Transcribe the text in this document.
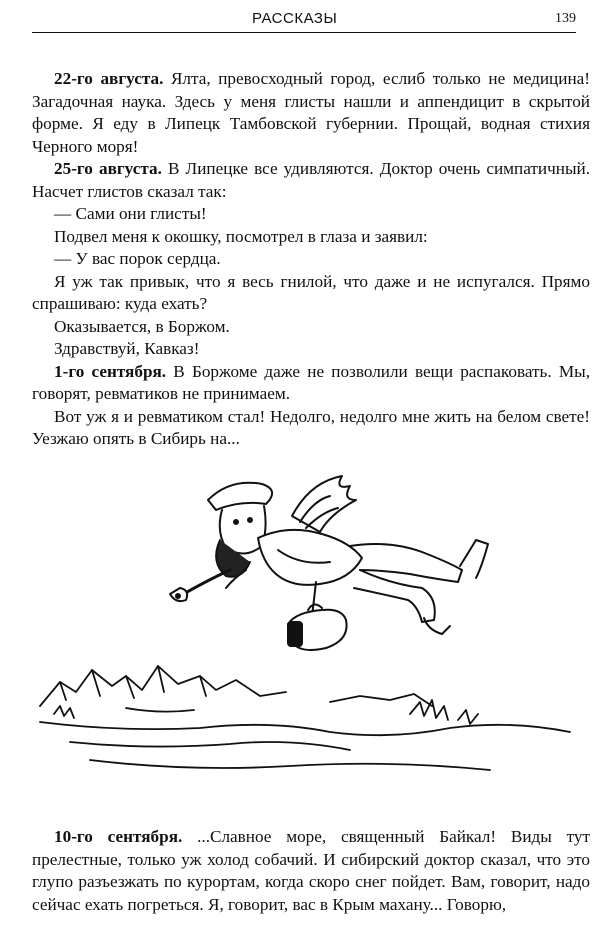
РАССКАЗЫ	139

22-го августа. Ялта, превосходный город, еслиб только не медицина! Загадочная наука. Здесь у меня глисты нашли и аппендицит в скрытой форме. Я еду в Липецк Тамбовской губернии. Прощай, водная стихия Черного моря!

25-го августа. В Липецке все удивляются. Доктор очень симпатичный. Насчет глистов сказал так:

— Сами они глисты!

Подвел меня к окошку, посмотрел в глаза и заявил:

— У вас порок сердца.

Я уж так привык, что я весь гнилой, что даже и не испугался. Прямо спрашиваю: куда ехать?

Оказывается, в Боржом.

Здравствуй, Кавказ!

1-го сентября. В Боржоме даже не позволили вещи распаковать. Мы, говорят, ревматиков не принимаем.

Вот уж я и ревматиком стал! Недолго, недолго мне жить на белом свете! Уезжаю опять в Сибирь на...

10-го сентября. ...Славное море, священный Байкал! Виды тут прелестные, только уж холод собачий. И сибирский доктор сказал, что это глупо разъезжать по курортам, когда скоро снег пойдет. Вам, говорит, надо сейчас ехать погреться. Я, говорит, вас в Крым махану... Говорю,
